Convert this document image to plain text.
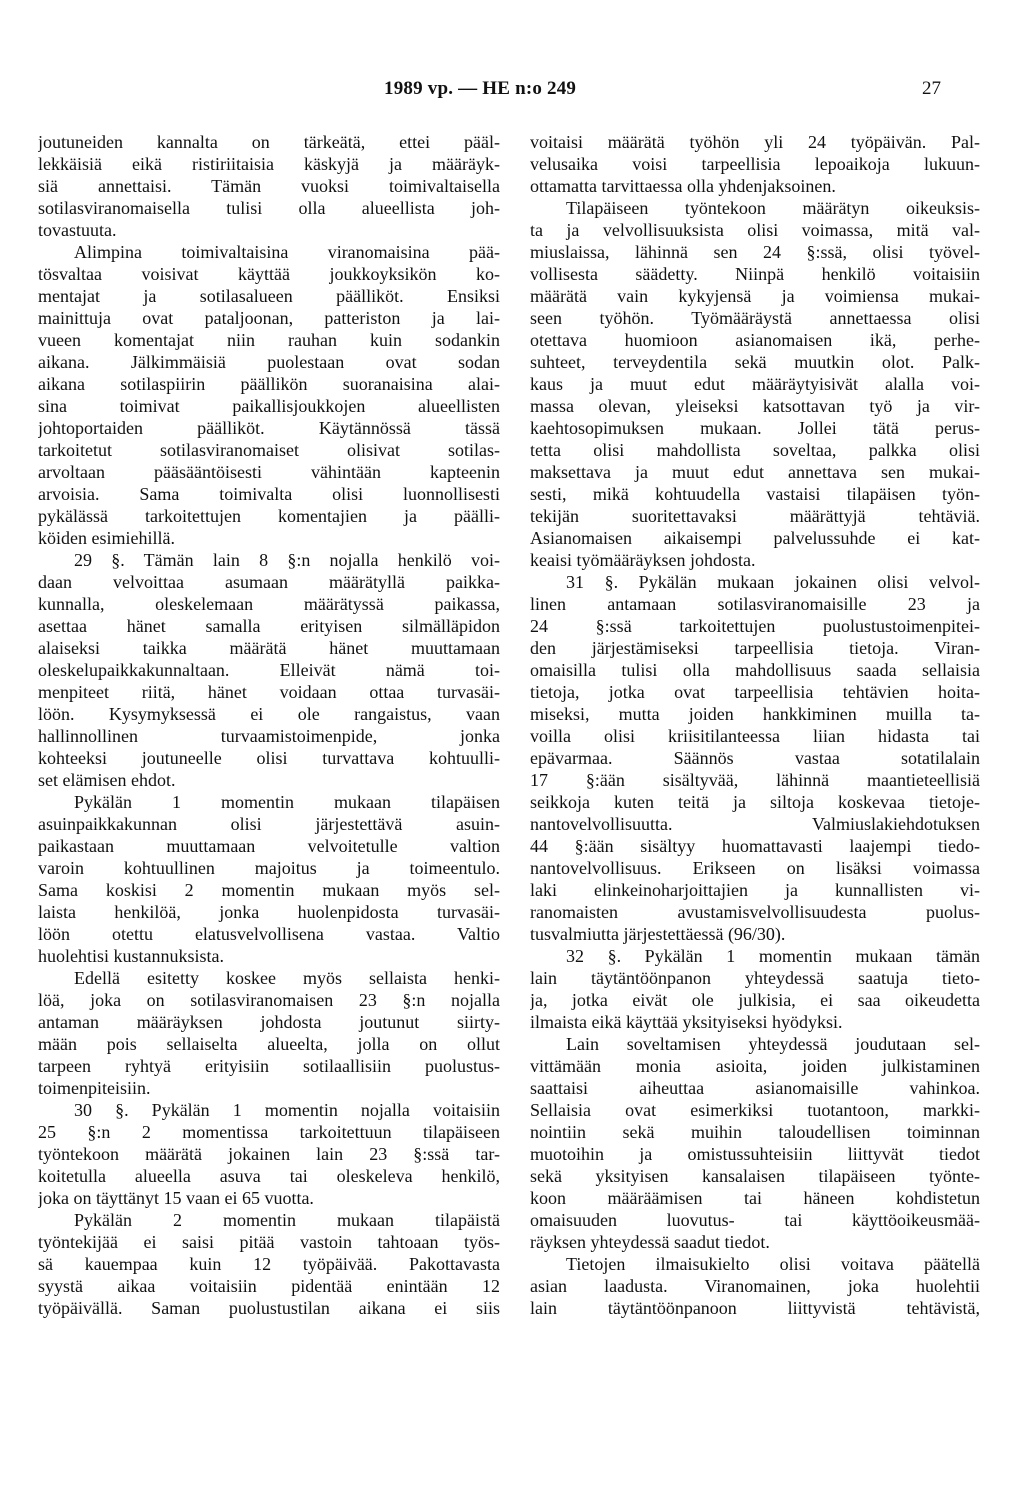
1989 vp. — HE n:o 249	27
joutuneiden kannalta on tärkeätä, ettei pääl-
lekkäisiä eikä ristiriitaisia käskyjä ja määräyk-
siä annettaisi. Tämän vuoksi toimivaltaisella
sotilasviranomaisella tulisi olla alueellista joh-
tovastuuta.
Alimpina toimivaltaisina viranomaisina pää-
tösvaltaa voisivat käyttää joukkoyksikön ko-
mentajat ja sotilasalueen päälliköt. Ensiksi
mainittuja ovat pataljoonan, patteriston ja lai-
vueen komentajat niin rauhan kuin sodankin
aikana. Jälkimmäisiä puolestaan ovat sodan
aikana sotilaspiirin päällikön suoranaisina alai-
sina toimivat paikallisjoukkojen alueellisten
johtoportaiden päälliköt. Käytännössä tässä
tarkoitetut sotilasviranomaiset olisivat sotilas-
arvoltaan pääsääntöisesti vähintään kapteenin
arvoisia. Sama toimivalta olisi luonnollisesti
pykälässä tarkoitettujen komentajien ja päälli-
köiden esimiehillä.
29 §. Tämän lain 8 §:n nojalla henkilö voi-
daan velvoittaa asumaan määrätyllä paikka-
kunnalla, oleskelemaan määrätyssä paikassa,
asettaa hänet samalla erityisen silmälläpidon
alaiseksi taikka määrätä hänet muuttamaan
oleskelupaikkakunnaltaan. Elleivät nämä toi-
menpiteet riitä, hänet voidaan ottaa turvasäi-
löön. Kysymyksessä ei ole rangaistus, vaan
hallinnollinen turvaamistoimenpide, jonka
kohteeksi joutuneelle olisi turvattava kohtuulli-
set elämisen ehdot.
Pykälän 1 momentin mukaan tilapäisen
asuinpaikkakunnan olisi järjestettävä asuin-
paikastaan muuttamaan velvoitetulle valtion
varoin kohtuullinen majoitus ja toimeentulo.
Sama koskisi 2 momentin mukaan myös sel-
laista henkilöä, jonka huolenpidosta turvasäi-
löön otettu elatusvelvollisena vastaa. Valtio
huolehtisi kustannuksista.
Edellä esitetty koskee myös sellaista henki-
löä, joka on sotilasviranomaisen 23 §:n nojalla
antaman määräyksen johdosta joutunut siirty-
mään pois sellaiselta alueelta, jolla on ollut
tarpeen ryhtyä erityisiin sotilaallisiin puolustus-
toimenpiteisiin.
30 §. Pykälän 1 momentin nojalla voitaisiin
25 §:n 2 momentissa tarkoitettuun tilapäiseen
työntekoon määrätä jokainen lain 23 §:ssä tar-
koitetulla alueella asuva tai oleskeleva henkilö,
joka on täyttänyt 15 vaan ei 65 vuotta.
Pykälän 2 momentin mukaan tilapäistä
työntekijää ei saisi pitää vastoin tahtoaan työs-
sä kauempaa kuin 12 työpäivää. Pakottavasta
syystä aikaa voitaisiin pidentää enintään 12
työpäivällä. Saman puolustustilan aikana ei siis
voitaisi määrätä työhön yli 24 työpäivän. Pal-
velusaika voisi tarpeellisia lepoaikoja lukuun-
ottamatta tarvittaessa olla yhdenjaksoinen.
Tilapäiseen työntekoon määrätyn oikeuksis-
ta ja velvollisuuksista olisi voimassa, mitä val-
miuslaissa, lähinnä sen 24 §:ssä, olisi työvel-
vollisesta säädetty. Niinpä henkilö voitaisiin
määrätä vain kykyjensä ja voimiensa mukai-
seen työhön. Työmääräystä annettaessa olisi
otettava huomioon asianomaisen ikä, perhe-
suhteet, terveydentila sekä muutkin olot. Palk-
kaus ja muut edut määräytyisivät alalla voi-
massa olevan, yleiseksi katsottavan työ ja vir-
kaehtosopimuksen mukaan. Jollei tätä perus-
tetta olisi mahdollista soveltaa, palkka olisi
maksettava ja muut edut annettava sen mukai-
sesti, mikä kohtuudella vastaisi tilapäisen työn-
tekijän suoritettavaksi määrättyjä tehtäviä.
Asianomaisen aikaisempi palvelussuhde ei kat-
keaisi työmääräyksen johdosta.
31 §. Pykälän mukaan jokainen olisi velvol-
linen antamaan sotilasviranomaisille 23 ja
24 §:ssä tarkoitettujen puolustustoimenpitei-
den järjestämiseksi tarpeellisia tietoja. Viran-
omaisilla tulisi olla mahdollisuus saada sellaisia
tietoja, jotka ovat tarpeellisia tehtävien hoita-
miseksi, mutta joiden hankkiminen muilla ta-
voilla olisi kriisitilanteessa liian hidasta tai
epävarmaa. Säännös vastaa sotatilalain
17 §:ään sisältyvää, lähinnä maantieteellisiä
seikkoja kuten teitä ja siltoja koskevaa tietoje-
nantovelvollisuutta. Valmiuslakiehdotuksen
44 §:ään sisältyy huomattavasti laajempi tiedo-
nantovelvollisuus. Erikseen on lisäksi voimassa
laki elinkeinoharjoittajien ja kunnallisten vi-
ranomaisten avustamisvelvollisuudesta puolus-
tusvalmiutta järjestettäessä (96/30).
32 §. Pykälän 1 momentin mukaan tämän
lain täytäntöönpanon yhteydessä saatuja tieto-
ja, jotka eivät ole julkisia, ei saa oikeudetta
ilmaista eikä käyttää yksityiseksi hyödyksi.
Lain soveltamisen yhteydessä joudutaan sel-
vittämään monia asioita, joiden julkistaminen
saattaisi aiheuttaa asianomaisille vahinkoa.
Sellaisia ovat esimerkiksi tuotantoon, markki-
nointiin sekä muihin taloudellisen toiminnan
muotoihin ja omistussuhteisiin liittyvät tiedot
sekä yksityisen kansalaisen tilapäiseen työnte-
koon määräämisen tai häneen kohdistetun
omaisuuden luovutus- tai käyttöoikeusmää-
räyksen yhteydessä saadut tiedot.
Tietojen ilmaisukielto olisi voitava päätellä
asian laadusta. Viranomainen, joka huolehtii
lain täytäntöönpanoon liittyvistä tehtävistä,
